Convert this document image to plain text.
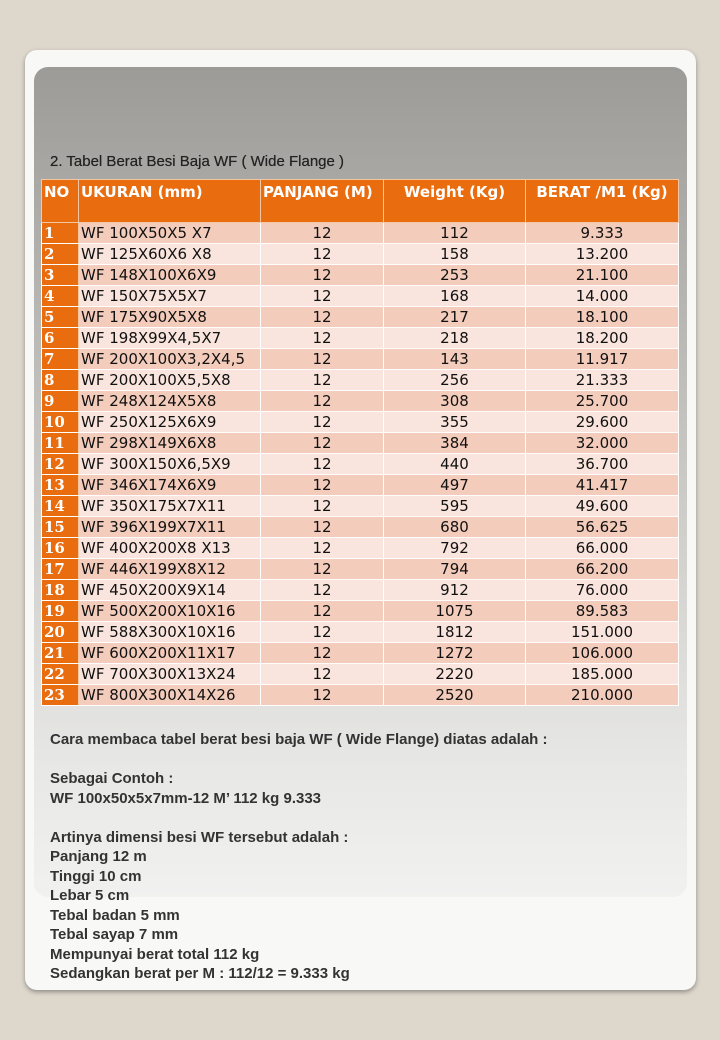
2. Tabel Berat Besi Baja WF ( Wide Flange )
NO	UKURAN (mm)	PANJANG (M)	Weight (Kg)	BERAT /M1 (Kg)
1	WF 100X50X5 X7	12	112	9.333
2	WF 125X60X6 X8	12	158	13.200
3	WF 148X100X6X9	12	253	21.100
4	WF 150X75X5X7	12	168	14.000
5	WF 175X90X5X8	12	217	18.100
6	WF 198X99X4,5X7	12	218	18.200
7	WF 200X100X3,2X4,5	12	143	11.917
8	WF 200X100X5,5X8	12	256	21.333
9	WF 248X124X5X8	12	308	25.700
10	WF 250X125X6X9	12	355	29.600
11	WF 298X149X6X8	12	384	32.000
12	WF 300X150X6,5X9	12	440	36.700
13	WF 346X174X6X9	12	497	41.417
14	WF 350X175X7X11	12	595	49.600
15	WF 396X199X7X11	12	680	56.625
16	WF 400X200X8 X13	12	792	66.000
17	WF 446X199X8X12	12	794	66.200
18	WF 450X200X9X14	12	912	76.000
19	WF 500X200X10X16	12	1075	89.583
20	WF 588X300X10X16	12	1812	151.000
21	WF 600X200X11X17	12	1272	106.000
22	WF 700X300X13X24	12	2220	185.000
23	WF 800X300X14X26	12	2520	210.000
Cara membaca tabel berat besi baja WF ( Wide Flange) diatas adalah :
Sebagai Contoh :
WF 100x50x5x7mm-12 M’ 112 kg 9.333
Artinya dimensi besi WF tersebut adalah :
Panjang 12 m
Tinggi 10 cm
Lebar 5 cm
Tebal badan 5 mm
Tebal sayap 7 mm
Mempunyai berat total 112 kg
Sedangkan berat per M : 112/12 = 9.333 kg
